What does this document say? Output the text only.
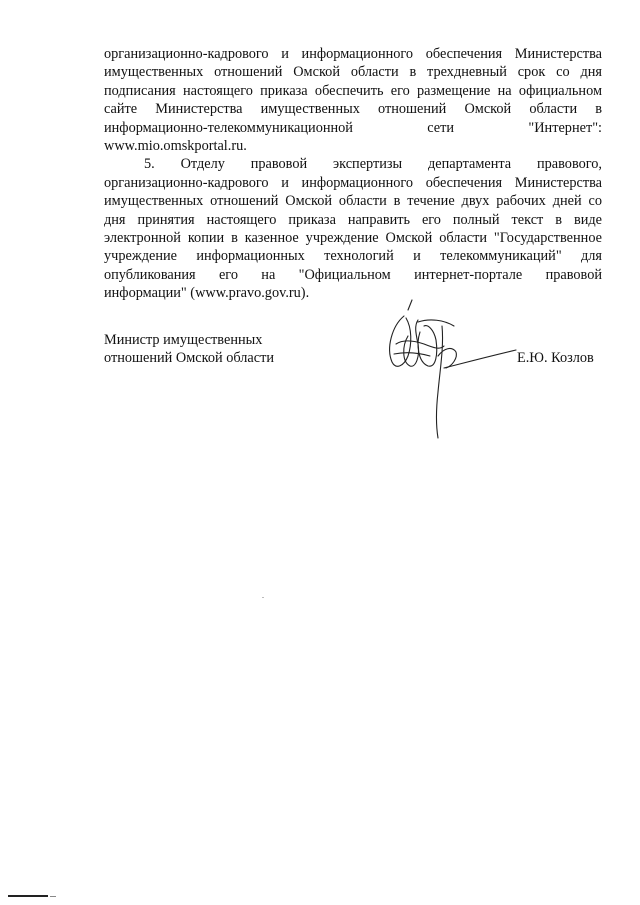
организационно-кадрового и информационного обеспечения Министерства
имущественных отношений Омской области в трехдневный срок со дня
подписания настоящего приказа обеспечить его размещение на официальном
сайте Министерства имущественных отношений Омской области в
информационно-телекоммуникационной сети "Интернет":
www.mio.omskportal.ru.

5. Отделу правовой экспертизы департамента правового,
организационно-кадрового и информационного обеспечения Министерства
имущественных отношений Омской области в течение двух рабочих дней со
дня принятия настоящего приказа направить его полный текст в виде
электронной копии в казенное учреждение Омской области "Государственное
учреждение информационных технологий и телекоммуникаций" для
опубликования его на "Официальном интернет-портале правовой
информации" (www.pravo.gov.ru).

Министр имущественных
отношений Омской области	Е.Ю. Козлов
